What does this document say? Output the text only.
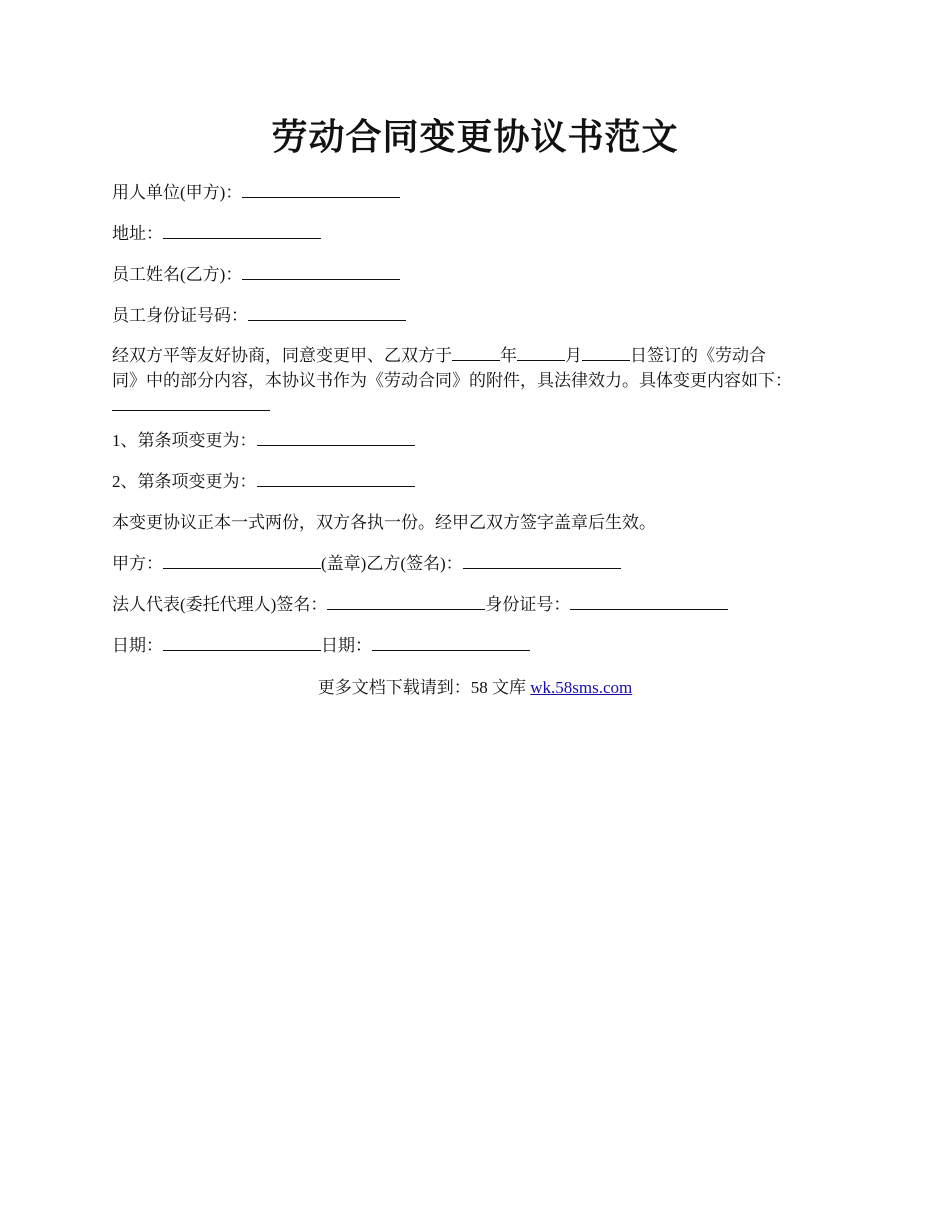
劳动合同变更协议书范文
用人单位(甲方)：
地址：
员工姓名(乙方)：
员工身份证号码：
经双方平等友好协商，同意变更甲、乙双方于	年	月	日签订的《劳动合
同》中的部分内容，本协议书作为《劳动合同》的附件，具法律效力。具体变更内容如下：
1、第条项变更为：
2、第条项变更为：
本变更协议正本一式两份，双方各执一份。经甲乙双方签字盖章后生效。
甲方：	(盖章)乙方(签名)：
法人代表(委托代理人)签名：	身份证号：
日期：	日期：
更多文档下载请到：58 文库 wk.58sms.com
